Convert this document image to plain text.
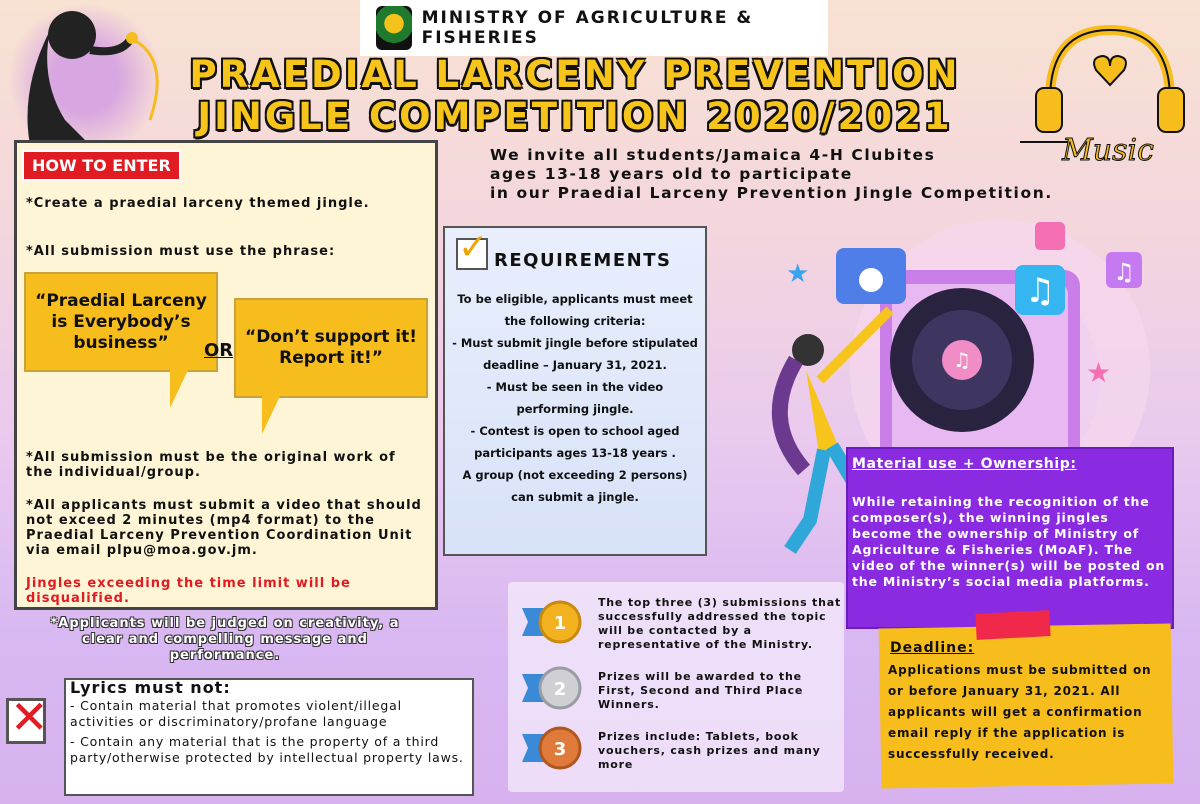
MINISTRY OF AGRICULTURE & FISHERIES
PRAEDIAL LARCENY PREVENTION
JINGLE COMPETITION 2020/2021
Music
We invite all students/Jamaica 4-H Clubites
ages 13-18 years old to participate
in our Praedial Larceny Prevention Jingle Competition.
HOW TO ENTER
*Create a praedial larceny themed jingle.
*All submission must use the phrase:
“Praedial Larceny is Everybody’s business”	OR
“Don’t support it! Report it!”
*All submission must be the original work of the individual/group.
*All applicants must submit a video that should not exceed 2 minutes (mp4 format) to the Praedial Larceny Prevention Coordination Unit via email plpu@moa.gov.jm.
Jingles exceeding the time limit will be disqualified.
*Applicants will be judged on creativity, a clear and compelling message and performance.
✕
Lyrics must not:
- Contain material that promotes violent/illegal activities or discriminatory/profane language
- Contain any material that is the property of a third party/otherwise protected by intellectual property laws.
✓ REQUIREMENTS
To be eligible, applicants must meet the following criteria:
- Must submit jingle before stipulated deadline – January 31, 2021.
- Must be seen in the video performing jingle.
- Contest is open to school aged participants ages 13-18 years .
A group (not exceeding 2 persons) can submit a jingle.
♫
♫ ♫
★
★
1
2
3
The top three (3) submissions that successfully addressed the topic will be contacted by a representative of the Ministry.
Prizes will be awarded to the First, Second and Third Place Winners.
Prizes include: Tablets, book vouchers, cash prizes and many more
Material use + Ownership:
While retaining the recognition of the composer(s), the winning jingles become the ownership of Ministry of Agriculture & Fisheries (MoAF). The video of the winner(s) will be posted on the Ministry’s social media platforms.
Deadline:
Applications must be submitted on or before January 31, 2021. All applicants will get a confirmation email reply if the application is successfully received.
